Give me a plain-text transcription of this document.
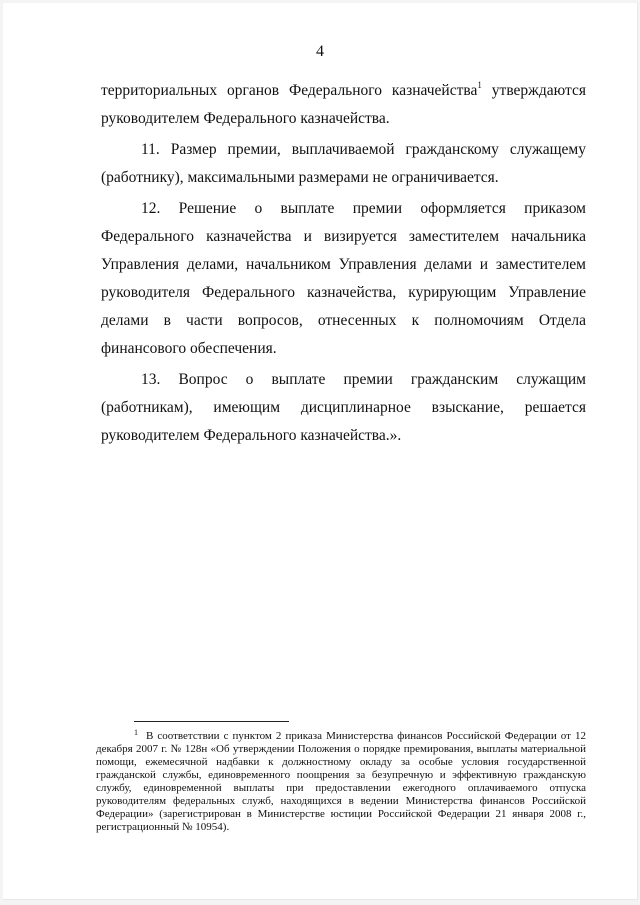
4

территориальных органов Федерального казначейства$^1$ утверждаются руководителем Федерального казначейства.

11. Размер премии, выплачиваемой гражданскому служащему (работнику), максимальными размерами не ограничивается.

12. Решение о выплате премии оформляется приказом Федерального казначейства и визируется заместителем начальника Управления делами, начальником Управления делами и заместителем руководителя Федерального казначейства, курирующим Управление делами в части вопросов, отнесенных к полномочиям Отдела финансового обеспечения.

13. Вопрос о выплате премии гражданским служащим (работникам), имеющим дисциплинарное взыскание, решается руководителем Федерального казначейства.».

$^1$ В соответствии с пунктом 2 приказа Министерства финансов Российской Федерации от 12 декабря 2007 г. № 128н «Об утверждении Положения о порядке премирования, выплаты материальной помощи, ежемесячной надбавки к должностному окладу за особые условия государственной гражданской службы, единовременного поощрения за безупречную и эффективную гражданскую службу, единовременной выплаты при предоставлении ежегодного оплачиваемого отпуска руководителям федеральных служб, находящихся в ведении Министерства финансов Российской Федерации» (зарегистрирован в Министерстве юстиции Российской Федерации 21 января 2008 г., регистрационный № 10954).
